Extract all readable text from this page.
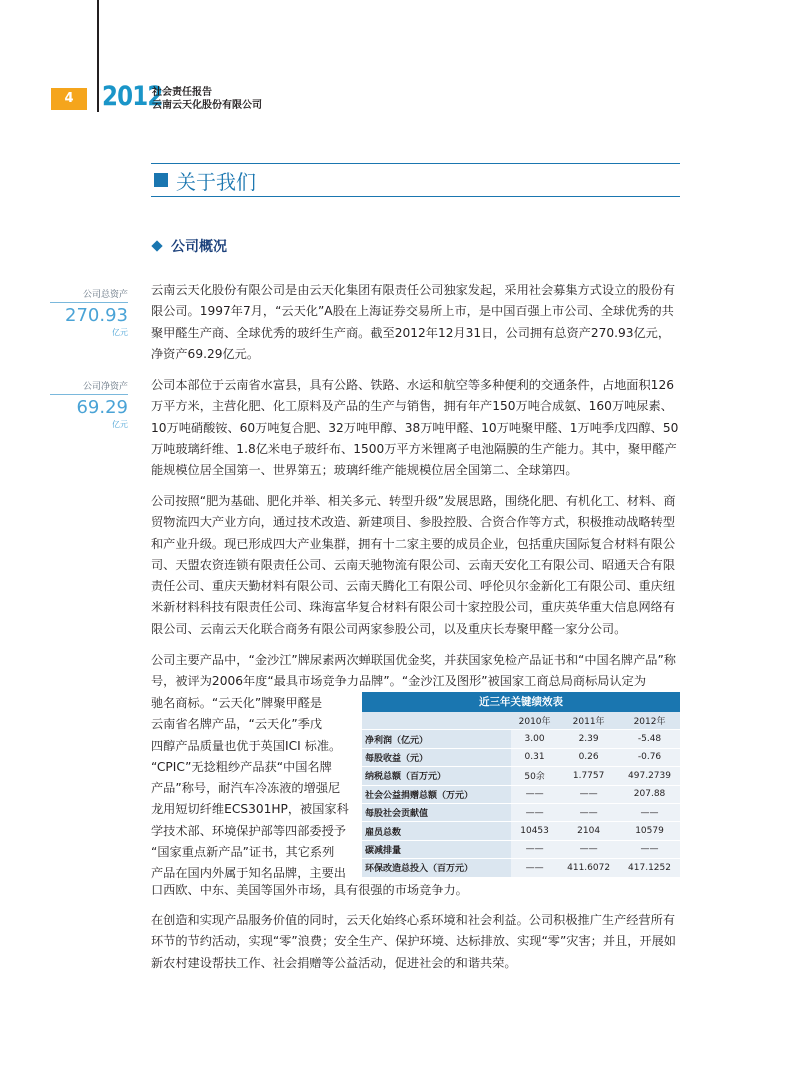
4	2012
社会责任报告
云南云天化股份有限公司
关于我们
公司概况
公司总资产
270.93
亿元
公司净资产
69.29
亿元

云南云天化股份有限公司是由云天化集团有限责任公司独家发起，采用社会募集方式设立的股份有限公司。1997年7月，“云天化”A股在上海证券交易所上市，是中国百强上市公司、全球优秀的共聚甲醛生产商、全球优秀的玻纤生产商。截至2012年12月31日，公司拥有总资产270.93亿元，净资产69.29亿元。

公司本部位于云南省水富县，具有公路、铁路、水运和航空等多种便利的交通条件，占地面积126万平方米，主营化肥、化工原料及产品的生产与销售，拥有年产150万吨合成氨、160万吨尿素、10万吨硝酸铵、60万吨复合肥、32万吨甲醇、38万吨甲醛、10万吨聚甲醛、1万吨季戊四醇、50万吨玻璃纤维、1.8亿米电子玻纤布、1500万平方米锂离子电池隔膜的生产能力。其中，聚甲醛产能规模位居全国第一、世界第五；玻璃纤维产能规模位居全国第二、全球第四。

公司按照“肥为基础、肥化并举、相关多元、转型升级”发展思路，围绕化肥、有机化工、材料、商贸物流四大产业方向，通过技术改造、新建项目、参股控股、合资合作等方式，积极推动战略转型和产业升级。现已形成四大产业集群，拥有十二家主要的成员企业，包括重庆国际复合材料有限公司、天盟农资连锁有限责任公司、云南天驰物流有限公司、云南天安化工有限公司、昭通天合有限责任公司、重庆天勤材料有限公司、云南天腾化工有限公司、呼伦贝尔金新化工有限公司、重庆纽米新材料科技有限责任公司、珠海富华复合材料有限公司十家控股公司，重庆英华重大信息网络有限公司、云南云天化联合商务有限公司两家参股公司，以及重庆长寿聚甲醛一家分公司。

公司主要产品中，“金沙江”牌尿素两次蝉联国优金奖，并获国家免检产品证书和“中国名牌产品”称号，被评为2006年度“最具市场竞争力品牌”。“金沙江及图形”被国家工商总局商标局认定为

驰名商标。“云天化”牌聚甲醛是
云南省名牌产品，“云天化”季戊
四醇产品质量也优于英国ICI 标准。
“CPIC”无捻粗纱产品获“中国名牌
产品”称号，耐汽车冷冻液的增强尼
龙用短切纤维ECS301HP，被国家科
学技术部、环境保护部等四部委授予
“国家重点新产品”证书，其它系列
产品在国内外属于知名品牌，主要出

口西欧、中东、美国等国外市场，具有很强的市场竞争力。

在创造和实现产品服务价值的同时，云天化始终心系环境和社会利益。公司积极推广生产经营所有环节的节约活动，实现“零”浪费；安全生产、保护环境、达标排放、实现“零”灾害；并且，开展如新农村建设帮扶工作、社会捐赠等公益活动，促进社会的和谐共荣。

近三年关键绩效表
	2010年	2011年	2012年
净利润（亿元）	3.00	2.39	-5.48
每股收益（元）	0.31	0.26	-0.76
纳税总额（百万元）	50余	1.7757	497.2739
社会公益捐赠总额（万元）	——	——	207.88
每股社会贡献值	——	——	——
雇员总数	10453	2104	10579
碳减排量	——	——	——
环保改造总投入（百万元）	——	411.6072	417.1252
